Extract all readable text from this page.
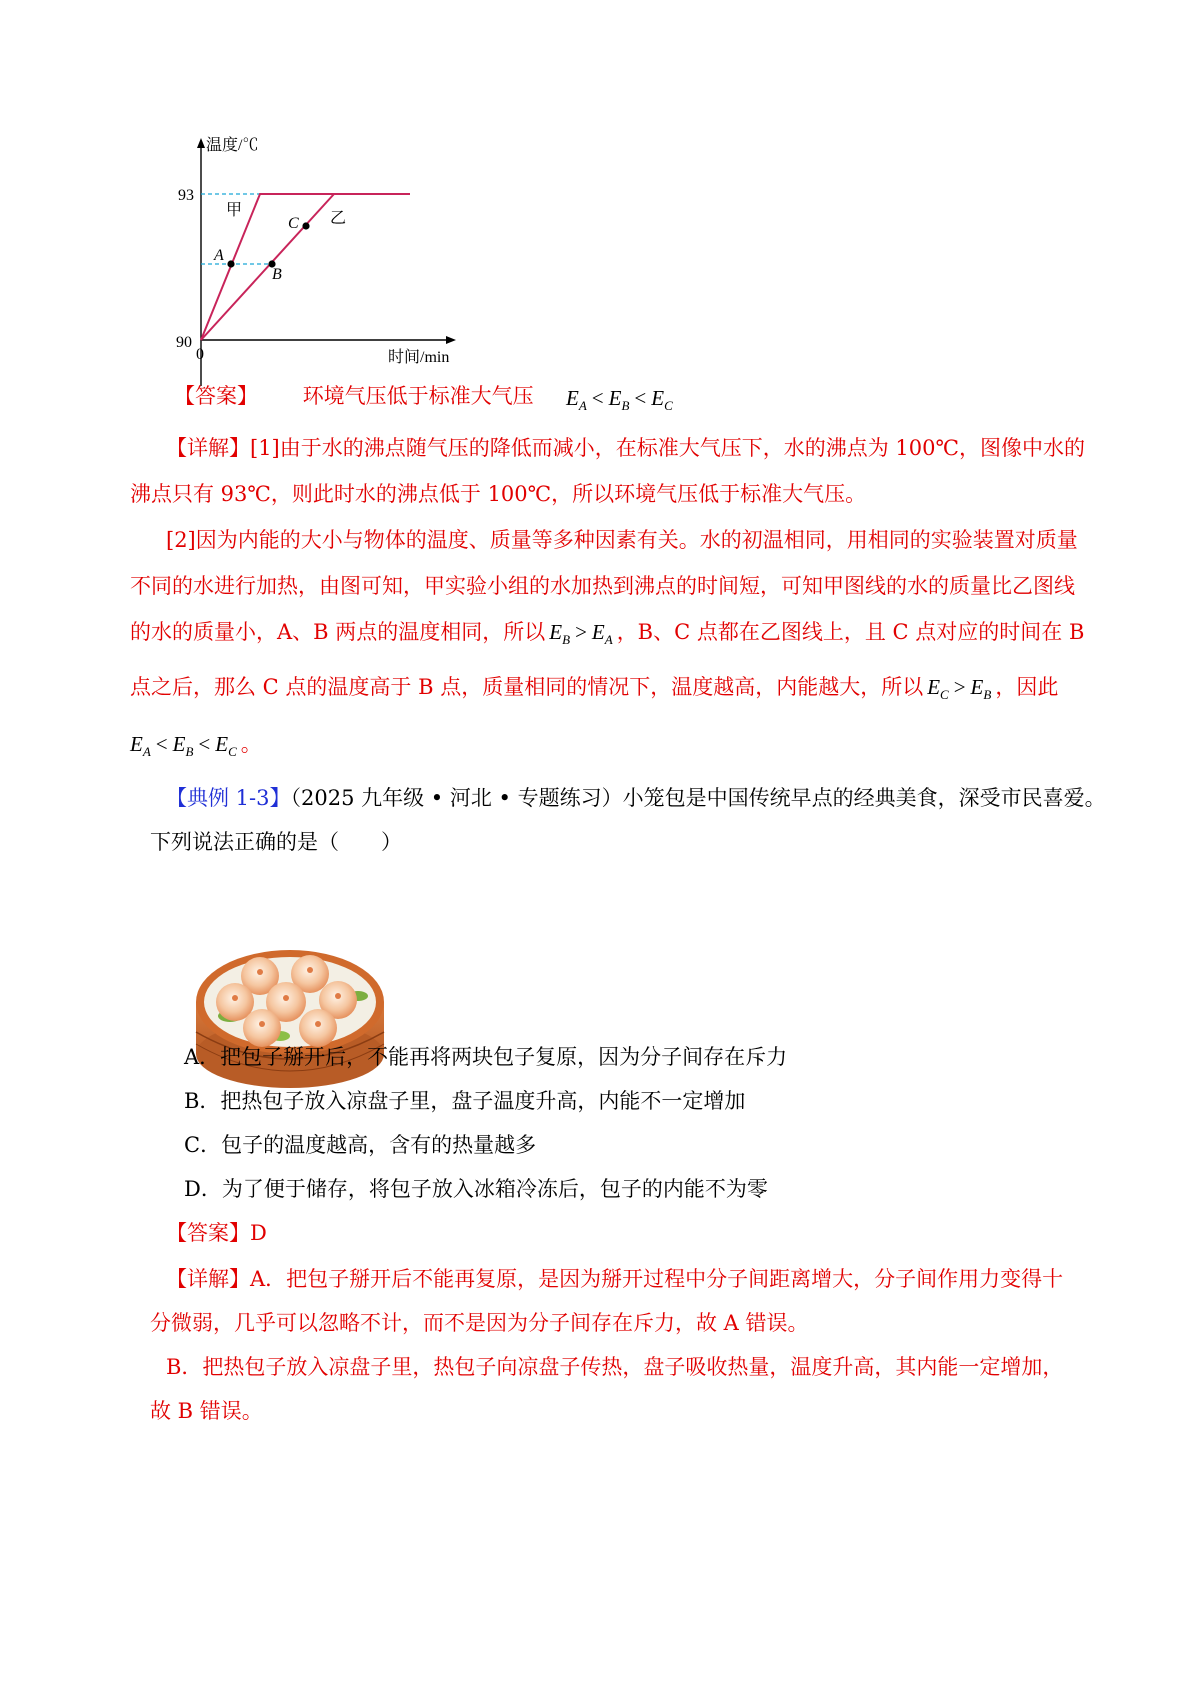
温度/℃
93
90
0	时间/min
甲	乙
A
B
C
【答案】 环境气压低于标准大气压 $E_A < E_B < E_C$
【详解】[1]由于水的沸点随气压的降低而减小，在标准大气压下，水的沸点为 100℃，图像中水的
沸点只有 93℃，则此时水的沸点低于 100℃，所以环境气压低于标准大气压。
[2]因为内能的大小与物体的温度、质量等多种因素有关。水的初温相同，用相同的实验装置对质量
不同的水进行加热，由图可知，甲实验小组的水加热到沸点的时间短，可知甲图线的水的质量比乙图线
的水的质量小，A、B 两点的温度相同，所以 $E_B > E_A$ ，B、C 点都在乙图线上，且 C 点对应的时间在 B
点之后，那么 C 点的温度高于 B 点，质量相同的情况下，温度越高，内能越大，所以 $E_C > E_B$ ，因此
$E_A < E_B < E_C$ 。
【典例 1-3】（2025 九年级 • 河北 • 专题练习）小笼包是中国传统早点的经典美食，深受市民喜爱。
下列说法正确的是（　　）
A．把包子掰开后，不能再将两块包子复原，因为分子间存在斥力
B．把热包子放入凉盘子里，盘子温度升高，内能不一定增加
C．包子的温度越高，含有的热量越多
D．为了便于储存，将包子放入冰箱冷冻后，包子的内能不为零
【答案】D
【详解】A．把包子掰开后不能再复原，是因为掰开过程中分子间距离增大，分子间作用力变得十
分微弱，几乎可以忽略不计，而不是因为分子间存在斥力，故 A 错误。
B．把热包子放入凉盘子里，热包子向凉盘子传热，盘子吸收热量，温度升高，其内能一定增加，
故 B 错误。
